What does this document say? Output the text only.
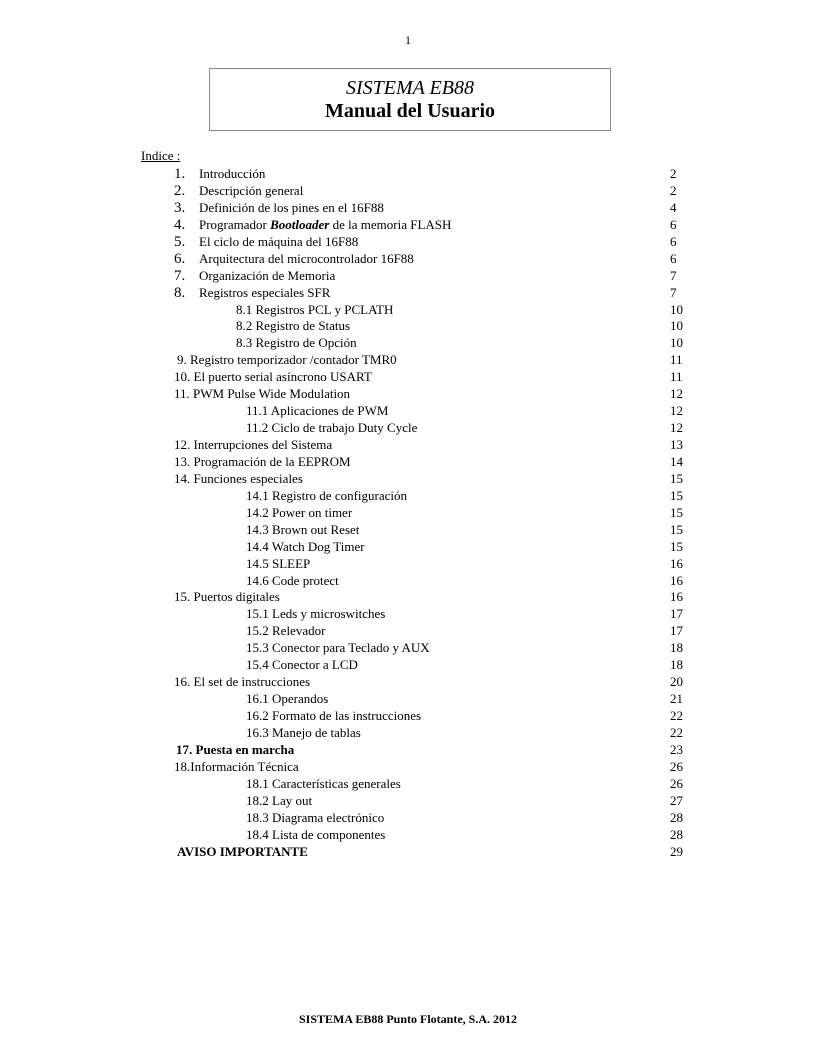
1
SISTEMA EB88
Manual del Usuario
Indice :
1. Introducción	2
2. Descripción general	2
3. Definición de los pines en el 16F88	4
4. Programador Bootloader de la memoria FLASH	6
5. El ciclo de máquina del 16F88	6
6. Arquitectura del microcontrolador 16F88	6
7. Organización de Memoria	7
8. Registros especiales SFR	7
8.1 Registros PCL y PCLATH	10
8.2 Registro de Status	10
8.3 Registro de Opción	10
9. Registro temporizador /contador TMR0	11
10. El puerto serial asíncrono USART	11
11. PWM Pulse Wide Modulation	12
11.1 Aplicaciones de PWM	12
11.2 Ciclo de trabajo Duty Cycle	12
12. Interrupciones del Sistema	13
13. Programación de la EEPROM	14
14. Funciones especiales	15
14.1 Registro de configuración	15
14.2 Power on timer	15
14.3 Brown out Reset	15
14.4 Watch Dog Timer	15
14.5 SLEEP	16
14.6 Code protect	16
15. Puertos digitales	16
15.1 Leds y microswitches	17
15.2 Relevador	17
15.3 Conector para Teclado y AUX	18
15.4 Conector a LCD	18
16. El set de instrucciones	20
16.1 Operandos	21
16.2 Formato de las instrucciones	22
16.3 Manejo de tablas	22
17. Puesta en marcha	23
18.Información Técnica	26
18.1 Características generales	26
18.2 Lay out	27
18.3 Diagrama electrónico	28
18.4 Lista de componentes	28
AVISO IMPORTANTE	29
SISTEMA EB88 Punto Flotante, S.A. 2012
